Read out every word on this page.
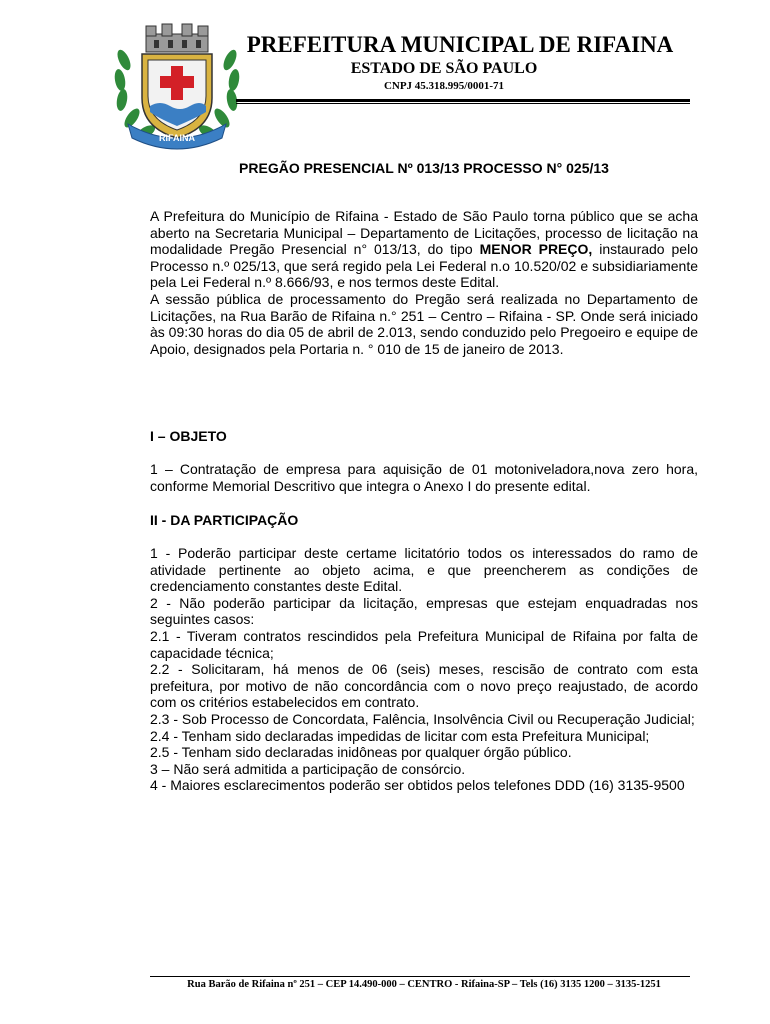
RIFAINA
PREFEITURA MUNICIPAL DE RIFAINA
ESTADO DE SÃO PAULO
CNPJ 45.318.995/0001-71
PREGÃO PRESENCIAL Nº 013/13 PROCESSO N° 025/13

A Prefeitura do Município de Rifaina - Estado de São Paulo torna público que se acha aberto na Secretaria Municipal – Departamento de Licitações, processo de licitação na modalidade Pregão Presencial n° 013/13, do tipo MENOR PREÇO, instaurado pelo Processo n.º 025/13, que será regido pela Lei Federal n.o 10.520/02 e subsidiariamente pela Lei Federal n.º 8.666/93, e nos termos deste Edital.

A sessão pública de processamento do Pregão será realizada no Departamento de Licitações, na Rua Barão de Rifaina n.° 251 – Centro – Rifaina - SP. Onde será iniciado às 09:30 horas do dia 05 de abril de 2.013, sendo conduzido pelo Pregoeiro e equipe de Apoio, designados pela Portaria n. ° 010 de 15 de janeiro de 2013.

I – OBJETO

1 – Contratação de empresa para aquisição de 01 motoniveladora,nova zero hora, conforme Memorial Descritivo que integra o Anexo I do presente edital.

II - DA PARTICIPAÇÃO

1 - Poderão participar deste certame licitatório todos os interessados do ramo de atividade pertinente ao objeto acima, e que preencherem as condições de credenciamento constantes deste Edital.

2 - Não poderão participar da licitação, empresas que estejam enquadradas nos seguintes casos:

2.1 - Tiveram contratos rescindidos pela Prefeitura Municipal de Rifaina por falta de capacidade técnica;

2.2 - Solicitaram, há menos de 06 (seis) meses, rescisão de contrato com esta prefeitura, por motivo de não concordância com o novo preço reajustado, de acordo com os critérios estabelecidos em contrato.

2.3 - Sob Processo de Concordata, Falência, Insolvência Civil ou Recuperação Judicial;

2.4 - Tenham sido declaradas impedidas de licitar com esta Prefeitura Municipal;

2.5 - Tenham sido declaradas inidôneas por qualquer órgão público.

3 – Não será admitida a participação de consórcio.

4 - Maiores esclarecimentos poderão ser obtidos pelos telefones DDD (16) 3135-9500

Rua Barão de Rifaina nº 251 – CEP 14.490-000 – CENTRO - Rifaina-SP – Tels (16) 3135 1200 – 3135-1251
